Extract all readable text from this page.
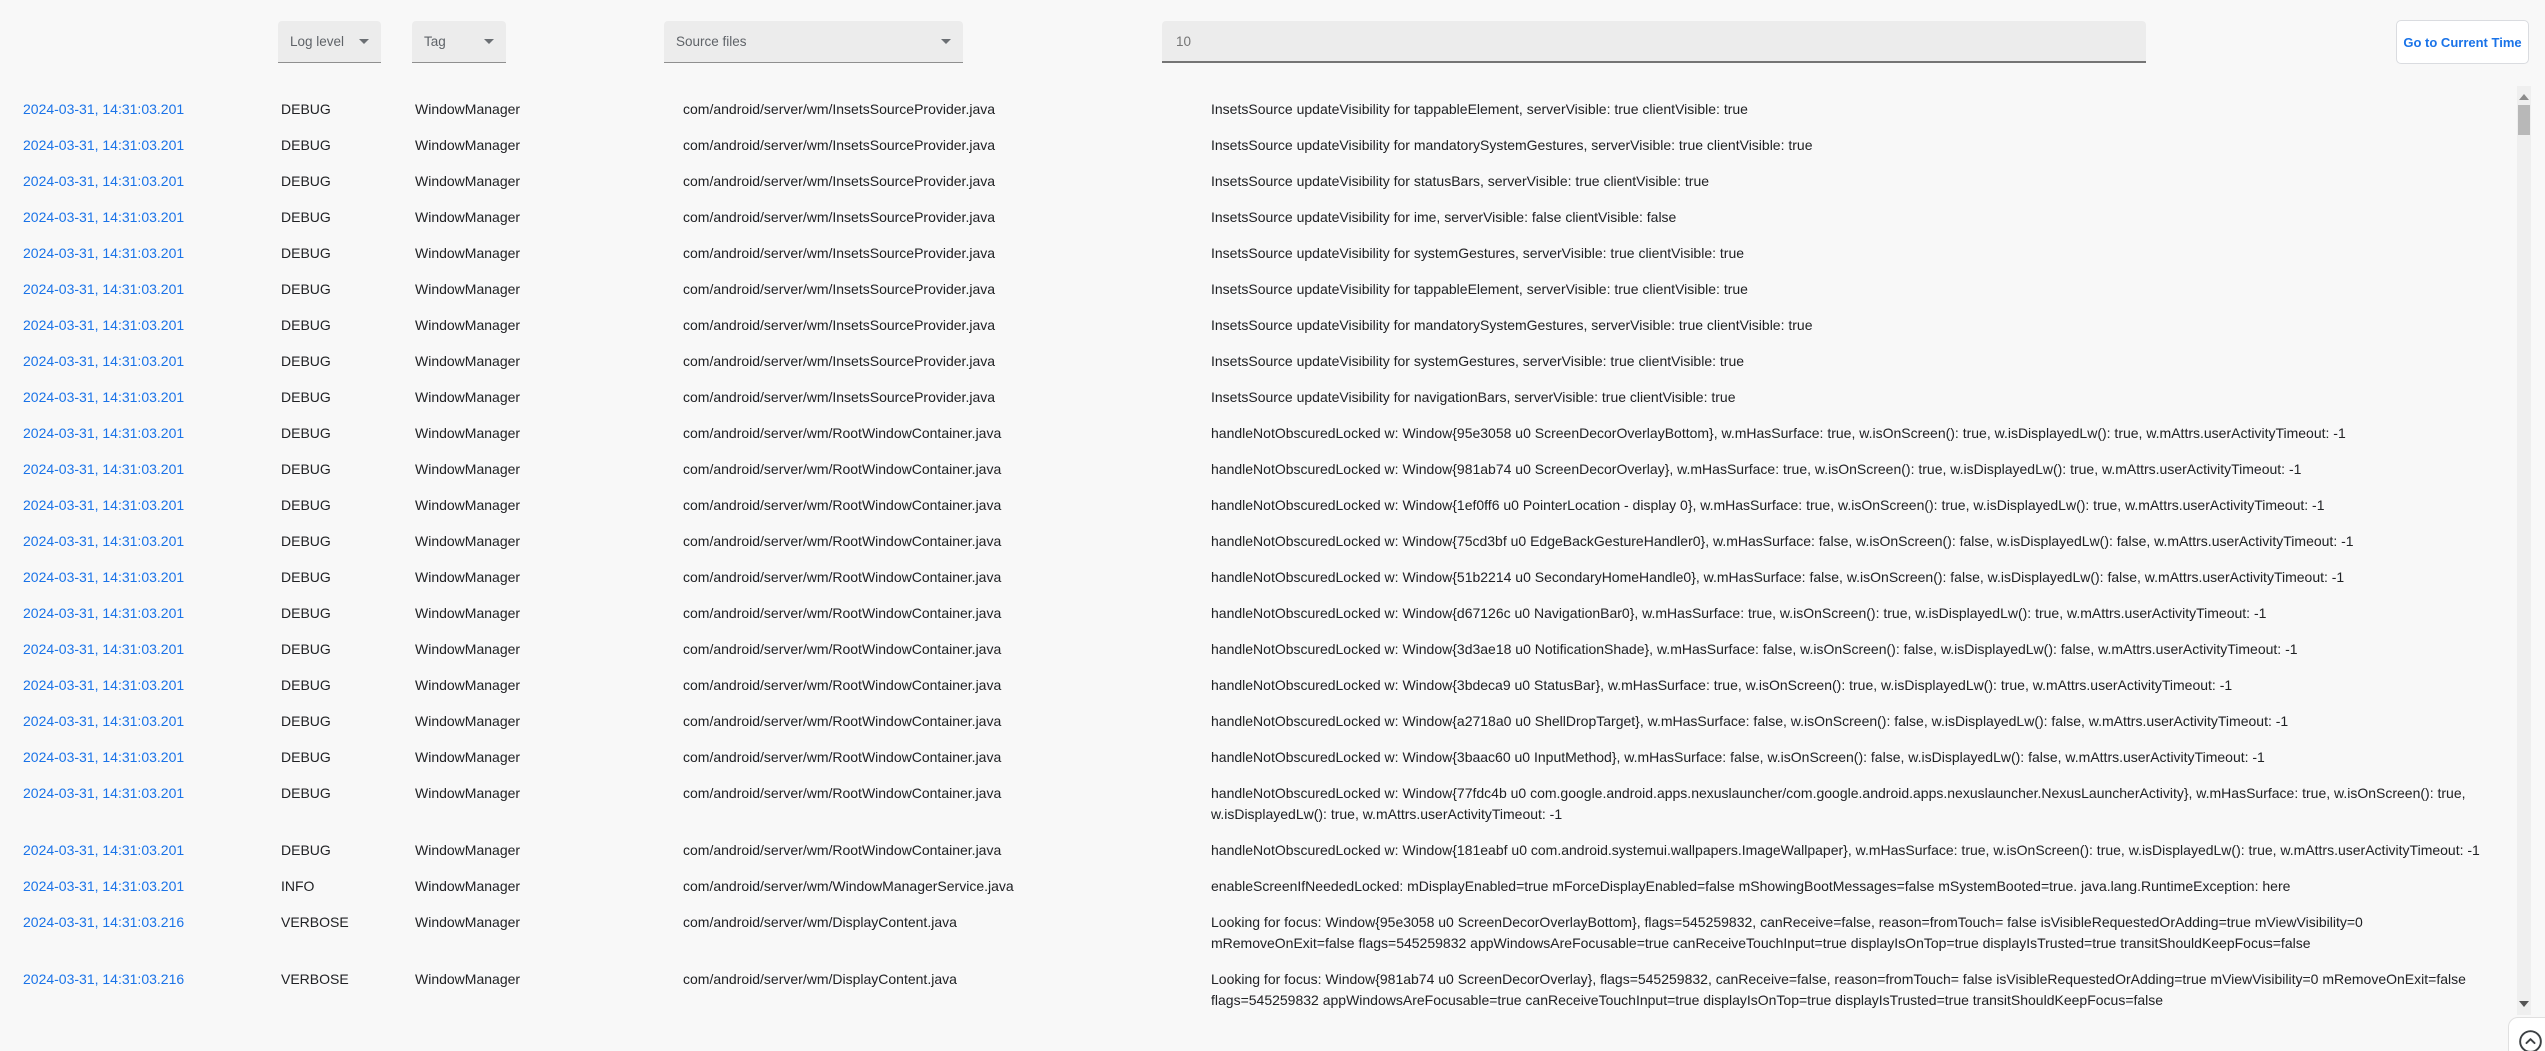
Log level	Tag	Source files
10	Go to Current Time
2024-03-31, 14:31:03.201	DEBUG	WindowManager	com/android/server/wm/InsetsSourceProvider.java	InsetsSource updateVisibility for tappableElement, serverVisible: true clientVisible: true
2024-03-31, 14:31:03.201	DEBUG	WindowManager	com/android/server/wm/InsetsSourceProvider.java	InsetsSource updateVisibility for mandatorySystemGestures, serverVisible: true clientVisible: true
2024-03-31, 14:31:03.201	DEBUG	WindowManager	com/android/server/wm/InsetsSourceProvider.java	InsetsSource updateVisibility for statusBars, serverVisible: true clientVisible: true
2024-03-31, 14:31:03.201	DEBUG	WindowManager	com/android/server/wm/InsetsSourceProvider.java	InsetsSource updateVisibility for ime, serverVisible: false clientVisible: false
2024-03-31, 14:31:03.201	DEBUG	WindowManager	com/android/server/wm/InsetsSourceProvider.java	InsetsSource updateVisibility for systemGestures, serverVisible: true clientVisible: true
2024-03-31, 14:31:03.201	DEBUG	WindowManager	com/android/server/wm/InsetsSourceProvider.java	InsetsSource updateVisibility for tappableElement, serverVisible: true clientVisible: true
2024-03-31, 14:31:03.201	DEBUG	WindowManager	com/android/server/wm/InsetsSourceProvider.java	InsetsSource updateVisibility for mandatorySystemGestures, serverVisible: true clientVisible: true
2024-03-31, 14:31:03.201	DEBUG	WindowManager	com/android/server/wm/InsetsSourceProvider.java	InsetsSource updateVisibility for systemGestures, serverVisible: true clientVisible: true
2024-03-31, 14:31:03.201	DEBUG	WindowManager	com/android/server/wm/InsetsSourceProvider.java	InsetsSource updateVisibility for navigationBars, serverVisible: true clientVisible: true
2024-03-31, 14:31:03.201	DEBUG	WindowManager	com/android/server/wm/RootWindowContainer.java	handleNotObscuredLocked w: Window{95e3058 u0 ScreenDecorOverlayBottom}, w.mHasSurface: true, w.isOnScreen(): true, w.isDisplayedLw(): true, w.mAttrs.userActivityTimeout: -1
2024-03-31, 14:31:03.201	DEBUG	WindowManager	com/android/server/wm/RootWindowContainer.java	handleNotObscuredLocked w: Window{981ab74 u0 ScreenDecorOverlay}, w.mHasSurface: true, w.isOnScreen(): true, w.isDisplayedLw(): true, w.mAttrs.userActivityTimeout: -1
2024-03-31, 14:31:03.201	DEBUG	WindowManager	com/android/server/wm/RootWindowContainer.java	handleNotObscuredLocked w: Window{1ef0ff6 u0 PointerLocation - display 0}, w.mHasSurface: true, w.isOnScreen(): true, w.isDisplayedLw(): true, w.mAttrs.userActivityTimeout: -1
2024-03-31, 14:31:03.201	DEBUG	WindowManager	com/android/server/wm/RootWindowContainer.java	handleNotObscuredLocked w: Window{75cd3bf u0 EdgeBackGestureHandler0}, w.mHasSurface: false, w.isOnScreen(): false, w.isDisplayedLw(): false, w.mAttrs.userActivityTimeout: -1
2024-03-31, 14:31:03.201	DEBUG	WindowManager	com/android/server/wm/RootWindowContainer.java	handleNotObscuredLocked w: Window{51b2214 u0 SecondaryHomeHandle0}, w.mHasSurface: false, w.isOnScreen(): false, w.isDisplayedLw(): false, w.mAttrs.userActivityTimeout: -1
2024-03-31, 14:31:03.201	DEBUG	WindowManager	com/android/server/wm/RootWindowContainer.java	handleNotObscuredLocked w: Window{d67126c u0 NavigationBar0}, w.mHasSurface: true, w.isOnScreen(): true, w.isDisplayedLw(): true, w.mAttrs.userActivityTimeout: -1
2024-03-31, 14:31:03.201	DEBUG	WindowManager	com/android/server/wm/RootWindowContainer.java	handleNotObscuredLocked w: Window{3d3ae18 u0 NotificationShade}, w.mHasSurface: false, w.isOnScreen(): false, w.isDisplayedLw(): false, w.mAttrs.userActivityTimeout: -1
2024-03-31, 14:31:03.201	DEBUG	WindowManager	com/android/server/wm/RootWindowContainer.java	handleNotObscuredLocked w: Window{3bdeca9 u0 StatusBar}, w.mHasSurface: true, w.isOnScreen(): true, w.isDisplayedLw(): true, w.mAttrs.userActivityTimeout: -1
2024-03-31, 14:31:03.201	DEBUG	WindowManager	com/android/server/wm/RootWindowContainer.java	handleNotObscuredLocked w: Window{a2718a0 u0 ShellDropTarget}, w.mHasSurface: false, w.isOnScreen(): false, w.isDisplayedLw(): false, w.mAttrs.userActivityTimeout: -1
2024-03-31, 14:31:03.201	DEBUG	WindowManager	com/android/server/wm/RootWindowContainer.java	handleNotObscuredLocked w: Window{3baac60 u0 InputMethod}, w.mHasSurface: false, w.isOnScreen(): false, w.isDisplayedLw(): false, w.mAttrs.userActivityTimeout: -1
2024-03-31, 14:31:03.201	DEBUG	WindowManager	com/android/server/wm/RootWindowContainer.java	handleNotObscuredLocked w: Window{77fdc4b u0 com.google.android.apps.nexuslauncher/com.google.android.apps.nexuslauncher.NexusLauncherActivity}, w.mHasSurface: true, w.isOnScreen(): true, w.isDisplayedLw(): true, w.mAttrs.userActivityTimeout: -1
2024-03-31, 14:31:03.201	DEBUG	WindowManager	com/android/server/wm/RootWindowContainer.java	handleNotObscuredLocked w: Window{181eabf u0 com.android.systemui.wallpapers.ImageWallpaper}, w.mHasSurface: true, w.isOnScreen(): true, w.isDisplayedLw(): true, w.mAttrs.userActivityTimeout: -1
2024-03-31, 14:31:03.201	INFO	WindowManager	com/android/server/wm/WindowManagerService.java	enableScreenIfNeededLocked: mDisplayEnabled=true mForceDisplayEnabled=false mShowingBootMessages=false mSystemBooted=true. java.lang.RuntimeException: here
2024-03-31, 14:31:03.216	VERBOSE	WindowManager	com/android/server/wm/DisplayContent.java	Looking for focus: Window{95e3058 u0 ScreenDecorOverlayBottom}, flags=545259832, canReceive=false, reason=fromTouch= false isVisibleRequestedOrAdding=true mViewVisibility=0 mRemoveOnExit=false flags=545259832 appWindowsAreFocusable=true canReceiveTouchInput=true displayIsOnTop=true displayIsTrusted=true transitShouldKeepFocus=false
2024-03-31, 14:31:03.216	VERBOSE	WindowManager	com/android/server/wm/DisplayContent.java	Looking for focus: Window{981ab74 u0 ScreenDecorOverlay}, flags=545259832, canReceive=false, reason=fromTouch= false isVisibleRequestedOrAdding=true mViewVisibility=0 mRemoveOnExit=false flags=545259832 appWindowsAreFocusable=true canReceiveTouchInput=true displayIsOnTop=true displayIsTrusted=true transitShouldKeepFocus=false
